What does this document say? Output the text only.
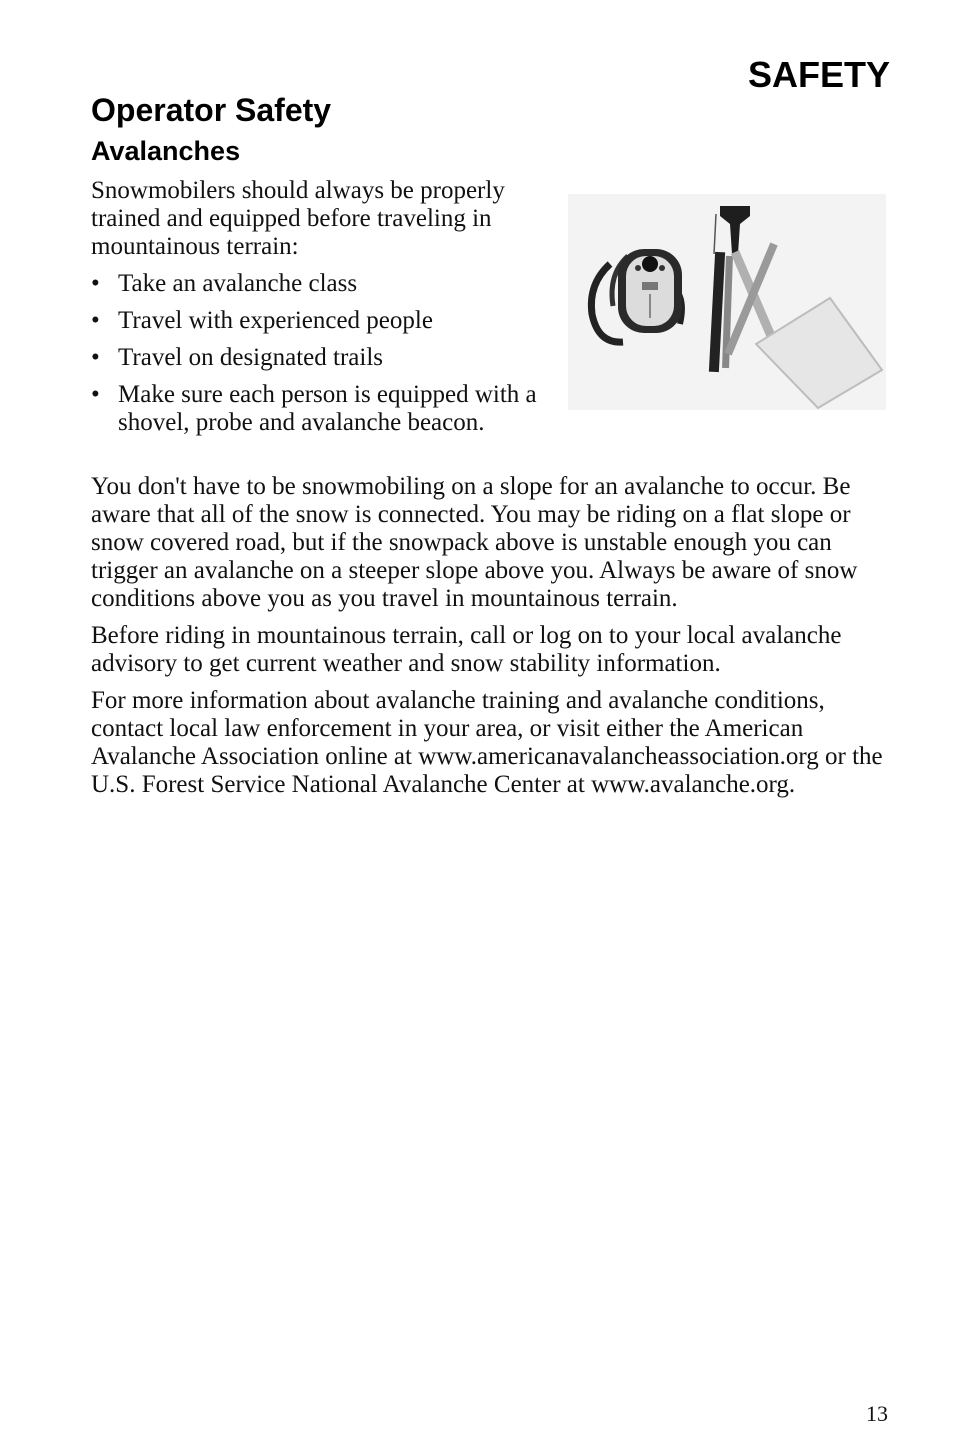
SAFETY
Operator Safety
Avalanches
Snowmobilers should always be properly trained and equipped before traveling in mountainous terrain:
• Take an avalanche class
• Travel with experienced people
• Travel on designated trails
• Make sure each person is equipped with a shovel, probe and avalanche beacon.

You don't have to be snowmobiling on a slope for an avalanche to occur. Be aware that all of the snow is connected. You may be riding on a flat slope or snow covered road, but if the snowpack above is unstable enough you can trigger an avalanche on a steeper slope above you. Always be aware of snow conditions above you as you travel in mountainous terrain.

Before riding in mountainous terrain, call or log on to your local avalanche advisory to get current weather and snow stability information.

For more information about avalanche training and avalanche conditions, contact local law enforcement in your area, or visit either the American Avalanche Association online at www.americanavalancheassociation.org or the U.S. Forest Service National Avalanche Center at www.avalanche.org.

13
